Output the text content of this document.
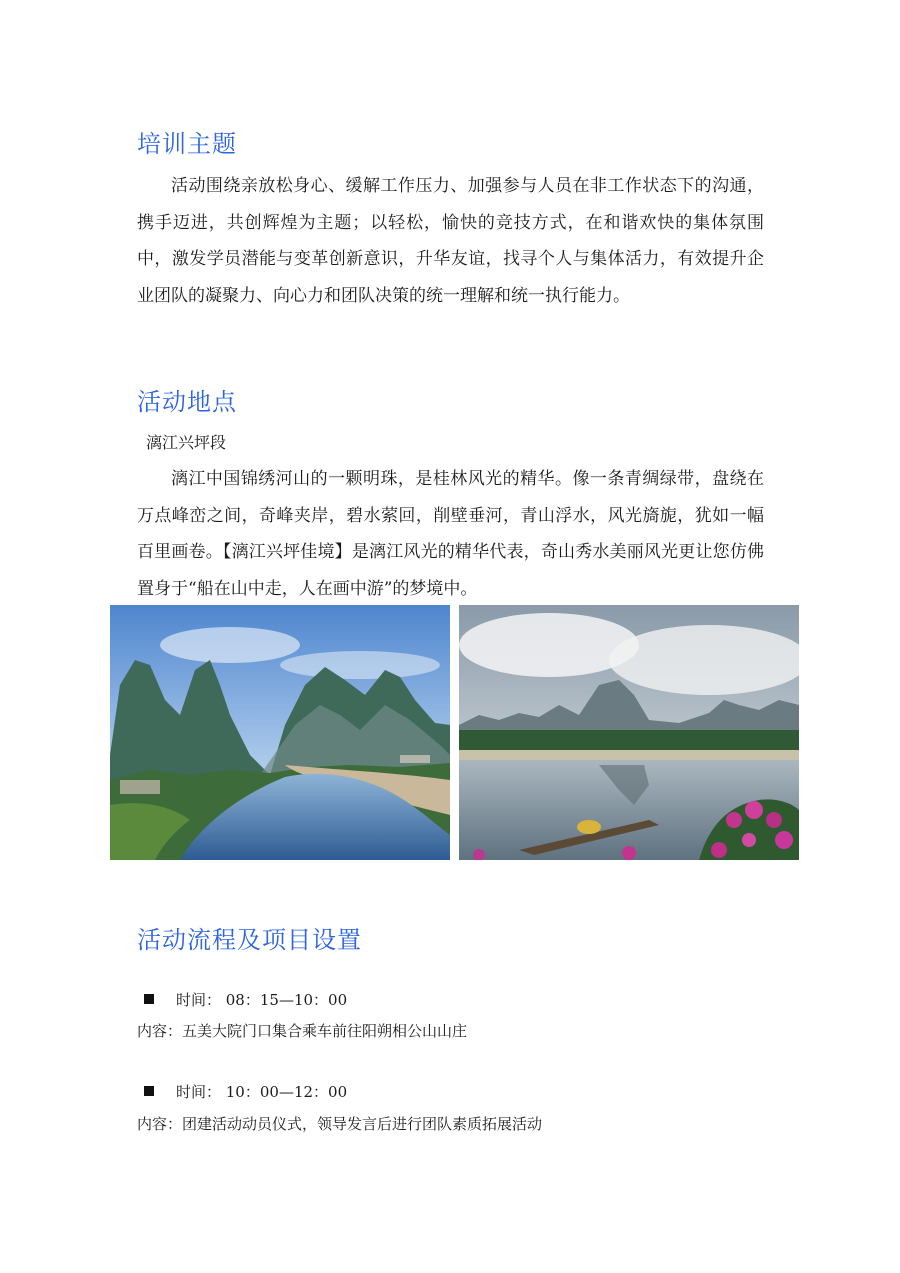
培训主题

活动围绕亲放松身心、缓解工作压力、加强参与人员在非工作状态下的沟通，携手迈进，共创辉煌为主题；以轻松，愉快的竞技方式，在和谐欢快的集体氛围中，激发学员潜能与变革创新意识，升华友谊，找寻个人与集体活力，有效提升企业团队的凝聚力、向心力和团队决策的统一理解和统一执行能力。

活动地点

漓江兴坪段

漓江中国锦绣河山的一颗明珠，是桂林风光的精华。像一条青绸绿带，盘绕在万点峰峦之间，奇峰夹岸，碧水萦回，削壁垂河，青山浮水，风光旖旎，犹如一幅百里画卷。【漓江兴坪佳境】是漓江风光的精华代表，奇山秀水美丽风光更让您仿佛置身于“船在山中走，人在画中游”的梦境中。

活动流程及项目设置
时间： 08：15—10：00
内容：五美大院门口集合乘车前往阳朔相公山山庄
时间： 10：00—12：00
内容：团建活动动员仪式，领导发言后进行团队素质拓展活动
